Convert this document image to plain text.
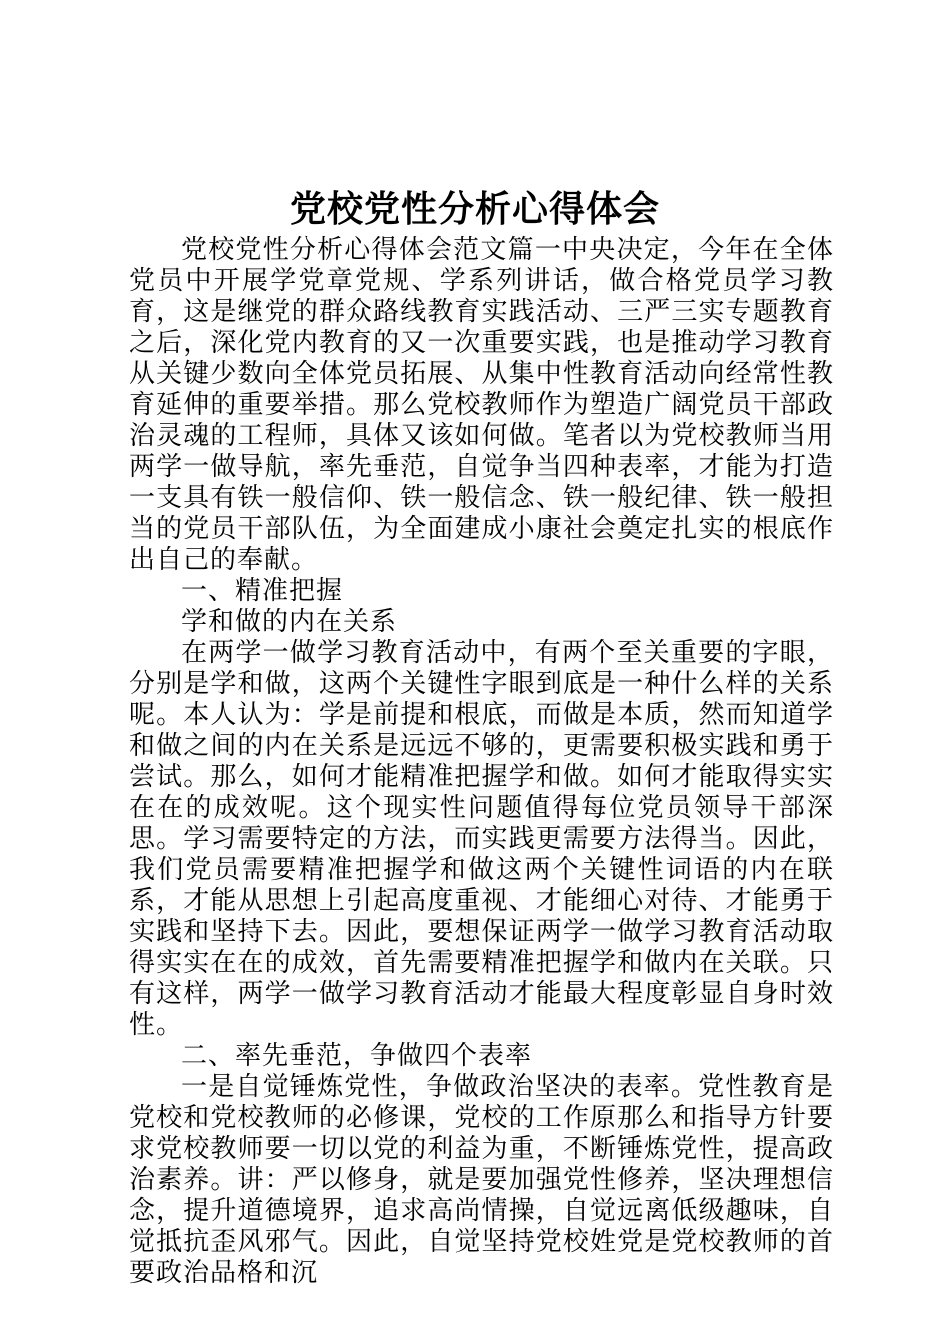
党校党性分析心得体会

党校党性分析心得体会范文篇一中央决定，今年在全体党员中开展学党章党规、学系列讲话，做合格党员学习教育，这是继党的群众路线教育实践活动、三严三实专题教育之后，深化党内教育的又一次重要实践，也是推动学习教育从关键少数向全体党员拓展、从集中性教育活动向经常性教育延伸的重要举措。那么党校教师作为塑造广阔党员干部政治灵魂的工程师，具体又该如何做。笔者以为党校教师当用两学一做导航，率先垂范，自觉争当四种表率，才能为打造一支具有铁一般信仰、铁一般信念、铁一般纪律、铁一般担当的党员干部队伍，为全面建成小康社会奠定扎实的根底作出自己的奉献。

一、精准把握

学和做的内在关系

在两学一做学习教育活动中，有两个至关重要的字眼，分别是学和做，这两个关键性字眼到底是一种什么样的关系呢。本人认为：学是前提和根底，而做是本质，然而知道学和做之间的内在关系是远远不够的，更需要积极实践和勇于尝试。那么，如何才能精准把握学和做。如何才能取得实实在在的成效呢。这个现实性问题值得每位党员领导干部深思。学习需要特定的方法，而实践更需要方法得当。因此，我们党员需要精准把握学和做这两个关键性词语的内在联系，才能从思想上引起高度重视、才能细心对待、才能勇于实践和坚持下去。因此，要想保证两学一做学习教育活动取得实实在在的成效，首先需要精准把握学和做内在关联。只有这样，两学一做学习教育活动才能最大程度彰显自身时效性。

二、率先垂范，争做四个表率

一是自觉锤炼党性，争做政治坚决的表率。党性教育是党校和党校教师的必修课，党校的工作原那么和指导方针要求党校教师要一切以党的利益为重，不断锤炼党性，提高政治素养。讲：严以修身，就是要加强党性修养，坚决理想信念，提升道德境界，追求高尚情操，自觉远离低级趣味，自觉抵抗歪风邪气。因此，自觉坚持党校姓党是党校教师的首要政治品格和沉
